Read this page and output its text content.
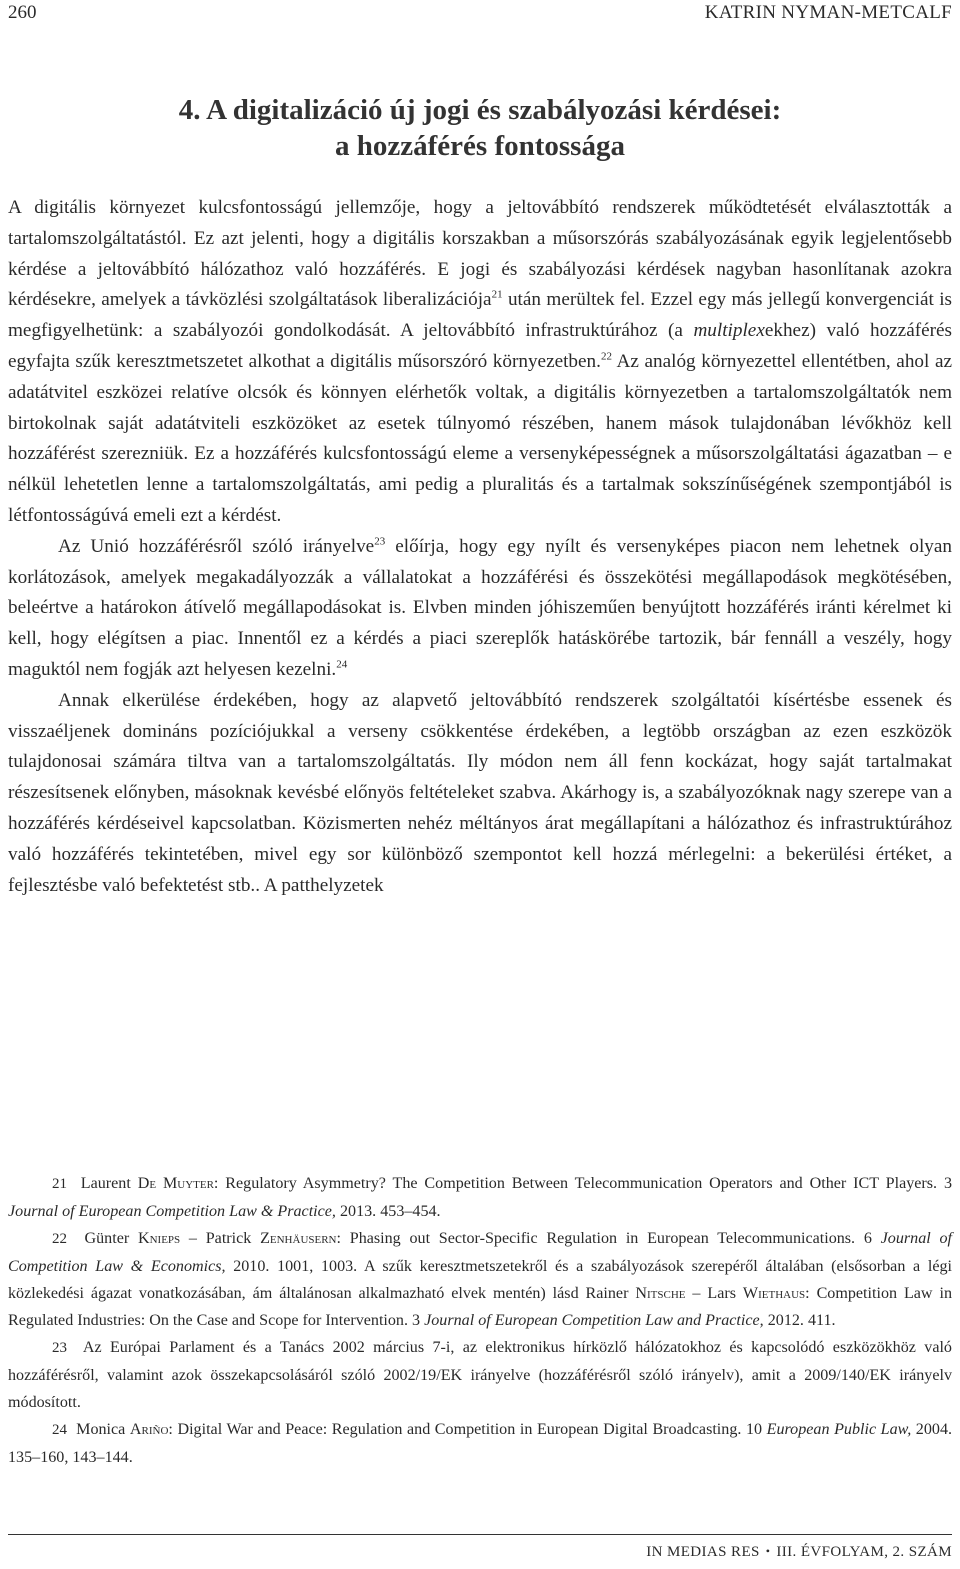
260	KATRIN NYMAN-METCALF
4. A digitalizáció új jogi és szabályozási kérdései:
a hozzáférés fontossága

A digitális környezet kulcsfontosságú jellemzője, hogy a jeltovábbító rendszerek működtetését elválasztották a tartalomszolgáltatástól. Ez azt jelenti, hogy a digitális korszakban a műsorszórás szabályozásának egyik legjelentősebb kérdése a jeltovábbító hálózathoz való hozzáférés. E jogi és szabályozási kérdések nagyban hasonlítanak azokra kérdésekre, amelyek a távközlési szolgáltatások liberalizációja$^{21}$ után merültek fel. Ezzel egy más jellegű konvergenciát is megfigyelhetünk: a szabályozói gondolkodását. A jeltovábbító infrastruktúrához (a multiplexekhez) való hozzáférés egyfajta szűk keresztmetszetet alkothat a digitális műsorszóró környezetben.$^{22}$ Az analóg környezettel ellentétben, ahol az adatátvitel eszközei relatíve olcsók és könnyen elérhetők voltak, a digitális környezetben a tartalomszolgáltatók nem birtokolnak saját adatátviteli eszközöket az esetek túlnyomó részében, hanem mások tulajdonában lévőkhöz kell hozzáférést szerezniük. Ez a hozzáférés kulcsfontosságú eleme a versenyképességnek a műsorszolgáltatási ágazatban – e nélkül lehetetlen lenne a tartalomszolgáltatás, ami pedig a pluralitás és a tartalmak sokszínűségének szempontjából is létfontosságúvá emeli ezt a kérdést.

Az Unió hozzáférésről szóló irányelve$^{23}$ előírja, hogy egy nyílt és versenyképes piacon nem lehetnek olyan korlátozások, amelyek megakadályozzák a vállalatokat a hozzáférési és összekötési megállapodások megkötésében, beleértve a határokon átívelő megállapodásokat is. Elvben minden jóhiszeműen benyújtott hozzáférés iránti kérelmet ki kell, hogy elégítsen a piac. Innentől ez a kérdés a piaci szereplők hatáskörébe tartozik, bár fennáll a veszély, hogy maguktól nem fogják azt helyesen kezelni.$^{24}$

Annak elkerülése érdekében, hogy az alapvető jeltovábbító rendszerek szolgáltatói kísértésbe essenek és visszaéljenek domináns pozíciójukkal a verseny csökkentése érdekében, a legtöbb országban az ezen eszközök tulajdonosai számára tiltva van a tartalomszolgáltatás. Ily módon nem áll fenn kockázat, hogy saját tartalmakat részesítsenek előnyben, másoknak kevésbé előnyös feltételeket szabva. Akárhogy is, a szabályozóknak nagy szerepe van a hozzáférés kérdéseivel kapcsolatban. Közismerten nehéz méltányos árat megállapítani a hálózathoz és infrastruktúrához való hozzáférés tekintetében, mivel egy sor különböző szempontot kell hozzá mérlegelni: a bekerülési értéket, a fejlesztésbe való befektetést stb.. A patthelyzetek

21 Laurent De Muyter: Regulatory Asymmetry? The Competition Between Telecommunication Operators and Other ICT Players. 3 Journal of European Competition Law & Practice, 2013. 453–454.

22 Günter Knieps – Patrick Zenhäusern: Phasing out Sector-Specific Regulation in European Telecommunications. 6 Journal of Competition Law & Economics, 2010. 1001, 1003. A szűk keresztmetszetekről és a szabályozások szerepéről általában (elsősorban a légi közlekedési ágazat vonatkozásában, ám általánosan alkalmazható elvek mentén) lásd Rainer Nitsche – Lars Wiethaus: Competition Law in Regulated Industries: On the Case and Scope for Intervention. 3 Journal of European Competition Law and Practice, 2012. 411.

23 Az Európai Parlament és a Tanács 2002 március 7-i, az elektronikus hírközlő hálózatokhoz és kapcsolódó eszközökhöz való hozzáférésről, valamint azok összekapcsolásáról szóló 2002/19/EK irányelve (hozzáférésről szóló irányelv), amit a 2009/140/EK irányelv módosított.

24 Monica Ariño: Digital War and Peace: Regulation and Competition in European Digital Broadcasting. 10 European Public Law, 2004. 135–160, 143–144.

IN MEDIAS RES • III. ÉVFOLYAM, 2. SZÁM
